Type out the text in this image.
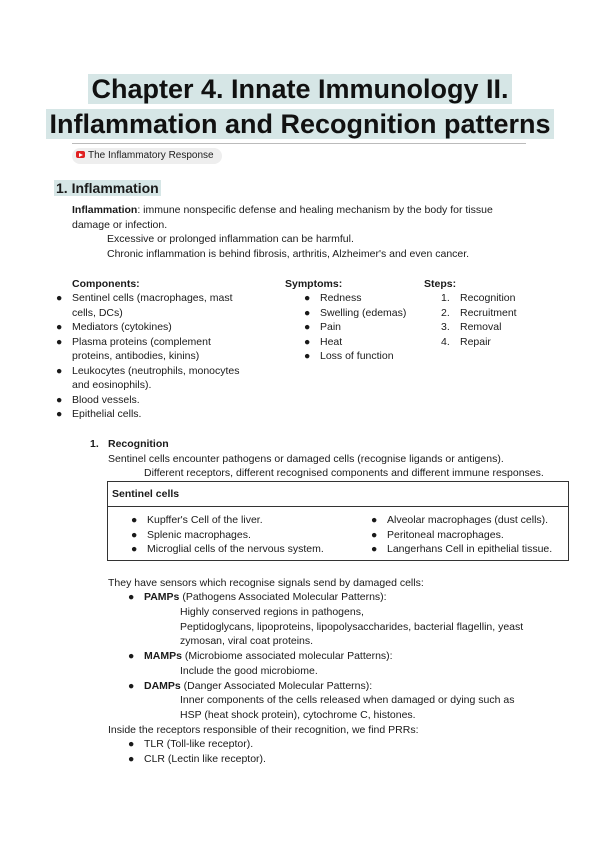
Chapter 4. Innate Immunology II.
Inflammation and Recognition patterns
The Inflammatory Response
1. Inflammation
Inflammation: immune nonspecific defense and healing mechanism by the body for tissue
damage or infection.
Excessive or prolonged inflammation can be harmful.
Chronic inflammation is behind fibrosis, arthritis, Alzheimer's and even cancer.
Components:
● Sentinel cells (macrophages, mast
cells, DCs)
● Mediators (cytokines)
● Plasma proteins (complement
proteins, antibodies, kinins)
● Leukocytes (neutrophils, monocytes
and eosinophils).
● Blood vessels.
● Epithelial cells.
Symptoms:
● Redness
● Swelling (edemas)
● Pain
● Heat
● Loss of function
Steps:
1. Recognition
2. Recruitment
3. Removal
4. Repair
1. Recognition
Sentinel cells encounter pathogens or damaged cells (recognise ligands or antigens).
Different receptors, different recognised components and different immune responses.
Sentinel cells
● Kupffer's Cell of the liver.
● Splenic macrophages.
● Microglial cells of the nervous system.
● Alveolar macrophages (dust cells).
● Peritoneal macrophages.
● Langerhans Cell in epithelial tissue.
They have sensors which recognise signals send by damaged cells:
● PAMPs (Pathogens Associated Molecular Patterns):
Highly conserved regions in pathogens,
Peptidoglycans, lipoproteins, lipopolysaccharides, bacterial flagellin, yeast
zymosan, viral coat proteins.
● MAMPs (Microbiome associated molecular Patterns):
Include the good microbiome.
● DAMPs (Danger Associated Molecular Patterns):
Inner components of the cells released when damaged or dying such as
HSP (heat shock protein), cytochrome C, histones.
Inside the receptors responsible of their recognition, we find PRRs:
● TLR (Toll-like receptor).
● CLR (Lectin like receptor).
